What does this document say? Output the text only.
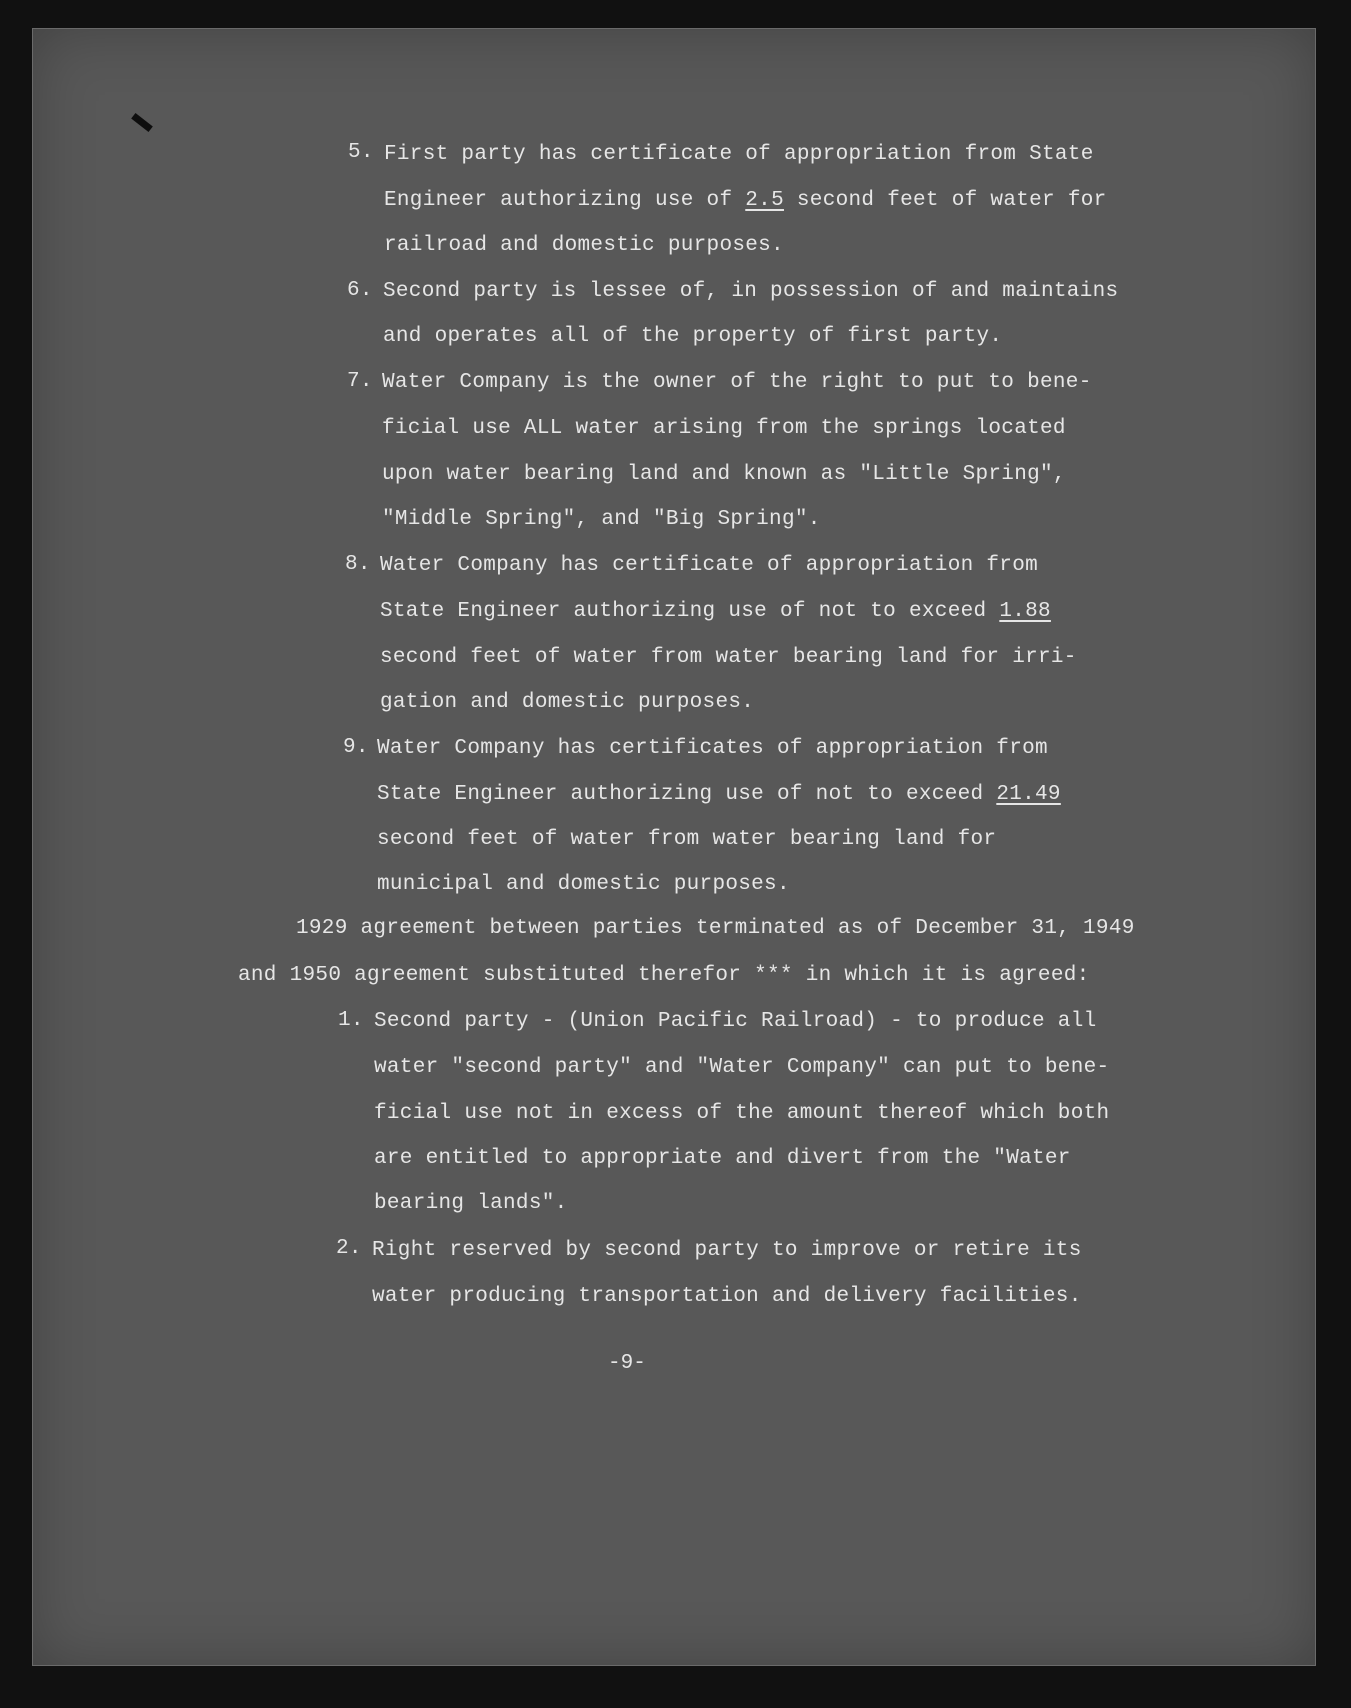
5. First party has certificate of appropriation from State
Engineer authorizing use of 2.5 second feet of water for
railroad and domestic purposes.
6. Second party is lessee of, in possession of and maintains
and operates all of the property of first party.
7. Water Company is the owner of the right to put to bene-
ficial use ALL water arising from the springs located
upon water bearing land and known as "Little Spring",
"Middle Spring", and "Big Spring".
8. Water Company has certificate of appropriation from
State Engineer authorizing use of not to exceed 1.88
second feet of water from water bearing land for irri-
gation and domestic purposes.
9. Water Company has certificates of appropriation from
State Engineer authorizing use of not to exceed 21.49
second feet of water from water bearing land for
municipal and domestic purposes.
1929 agreement between parties terminated as of December 31, 1949
and 1950 agreement substituted therefor *** in which it is agreed:
1. Second party - (Union Pacific Railroad) - to produce all
water "second party" and "Water Company" can put to bene-
ficial use not in excess of the amount thereof which both
are entitled to appropriate and divert from the "Water
bearing lands".
2. Right reserved by second party to improve or retire its
water producing transportation and delivery facilities.
-9-
